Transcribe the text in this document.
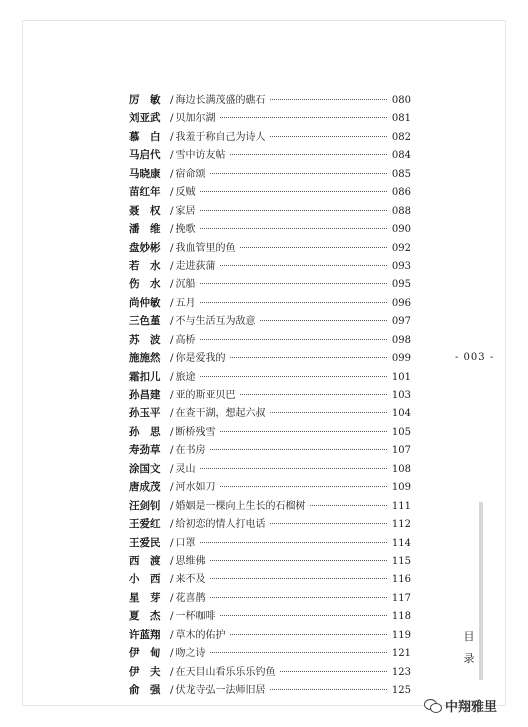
厉　敏 / 海边长满茂盛的礁石	080
刘亚武 / 贝加尔湖	081
慕　白 / 我羞于称自己为诗人	082
马启代 / 雪中访友帖	084
马晓康 / 宿命颂	085
苗红年 / 反贼	086
聂　权 / 家居	088
潘　维 / 挽歌	090
盘妙彬 / 我血管里的鱼	092
若　水 / 走进荻蒲	093
伤　水 / 沉船	095
尚仲敏 / 五月	096
三色堇 / 不与生活互为敌意	097
苏　波 / 高桥	098
施施然 / 你是爱我的	099
霜扣儿 / 旅途	101
孙昌建 / 亚的斯亚贝巴	103
孙玉平 / 在查干湖，想起六叔	104
孙　思 / 断桥残雪	105
寿劲草 / 在书房	107
涂国文 / 灵山	108
唐成茂 / 河水如刀	109
汪剑钊 / 婚姻是一棵向上生长的石榴树	111
王爱红 / 给初恋的情人打电话	112
王爱民 / 口罩	114
西　渡 / 思维佛	115
小　西 / 来不及	116
星　芽 / 花喜鹊	117
夏　杰 / 一杯咖啡	118
许蓝翔 / 草木的佑护	119
伊　甸 / 吻之诗	121
伊　夫 / 在天目山看乐乐乐钓鱼	123
俞　强 / 伏龙寺弘一法师旧居	125
- 003 -
目
录
中翔雅里
